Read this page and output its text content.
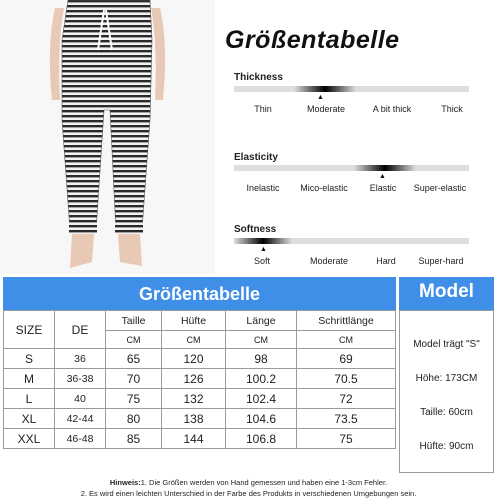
Größentabelle
Thickness
▲
Thin	Moderate	A bit thick	Thick
Elasticity
▲
Inelastic Mico-elastic Elastic Super-elastic
Softness
▲
Soft	Moderate	Hard	Super-hard
Größentabelle	Model
SIZE	DE	Taille	Hüfte	Länge	Schrittlänge
		CM	CM	CM	CM
S	36	65	120	98	69
M	36-38	70	126	100.2	70.5
L	40	75	132	102.4	72
XL	42-44	80	138	104.6	73.5
XXL	46-48	85	144	106.8	75
Model trägt "S"
Höhe: 173CM
Taille: 60cm
Hüfte: 90cm
Hinweis:1. Die Größen werden von Hand gemessen und haben eine 1-3cm Fehler.
2. Es wird einen leichten Unterschied in der Farbe des Produkts in verschiedenen Umgebungen sein.
